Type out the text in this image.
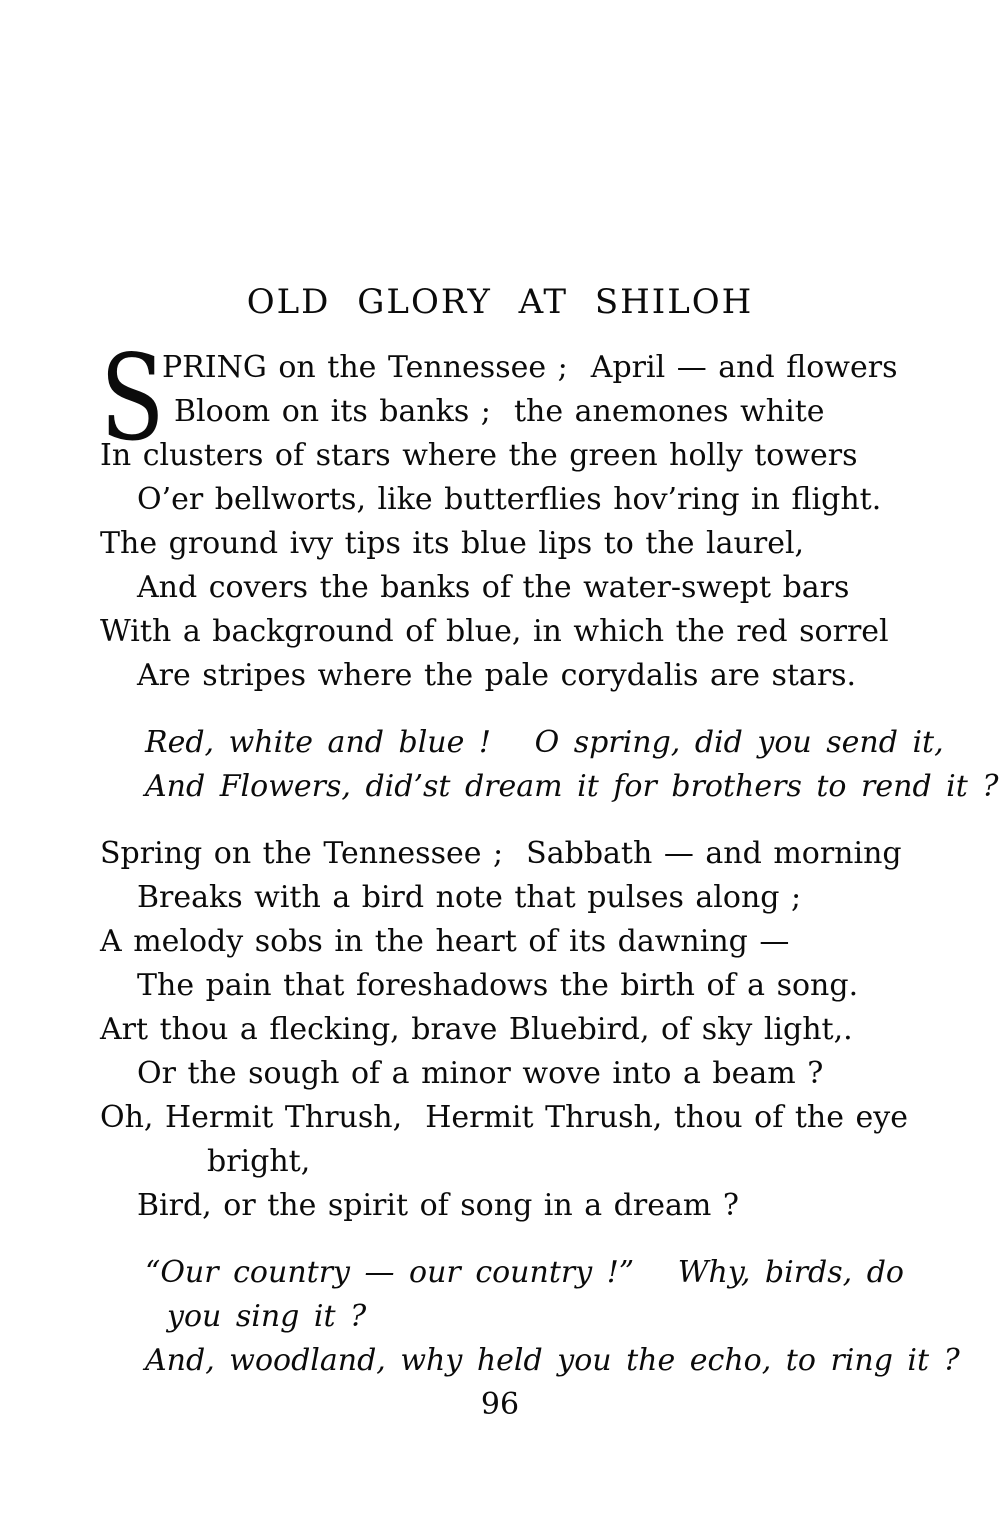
OLD GLORY AT SHILOH
S
PRING on the Tennessee ;  April — and flowers
Bloom on its banks ;  the anemones white
In clusters of stars where the green holly towers
O’er bellworts, like butterflies hov’ring in flight.
The ground ivy tips its blue lips to the laurel,
And covers the banks of the water-swept bars
With a background of blue, in which the red sorrel
Are stripes where the pale corydalis are stars.
Red, white and blue !   O spring, did you send it,
And Flowers, did’st dream it for brothers to rend it ?
Spring on the Tennessee ;  Sabbath — and morning
Breaks with a bird note that pulses along ;
A melody sobs in the heart of its dawning —
The pain that foreshadows the birth of a song.
Art thou a flecking, brave Bluebird, of sky light,.
Or the sough of a minor wove into a beam ?
Oh, Hermit Thrush,  Hermit Thrush, thou of the eye
bright,
Bird, or the spirit of song in a dream ?
“Our country — our country !”   Why, birds, do
you sing it ?
And, woodland, why held you the echo, to ring it ?
96
